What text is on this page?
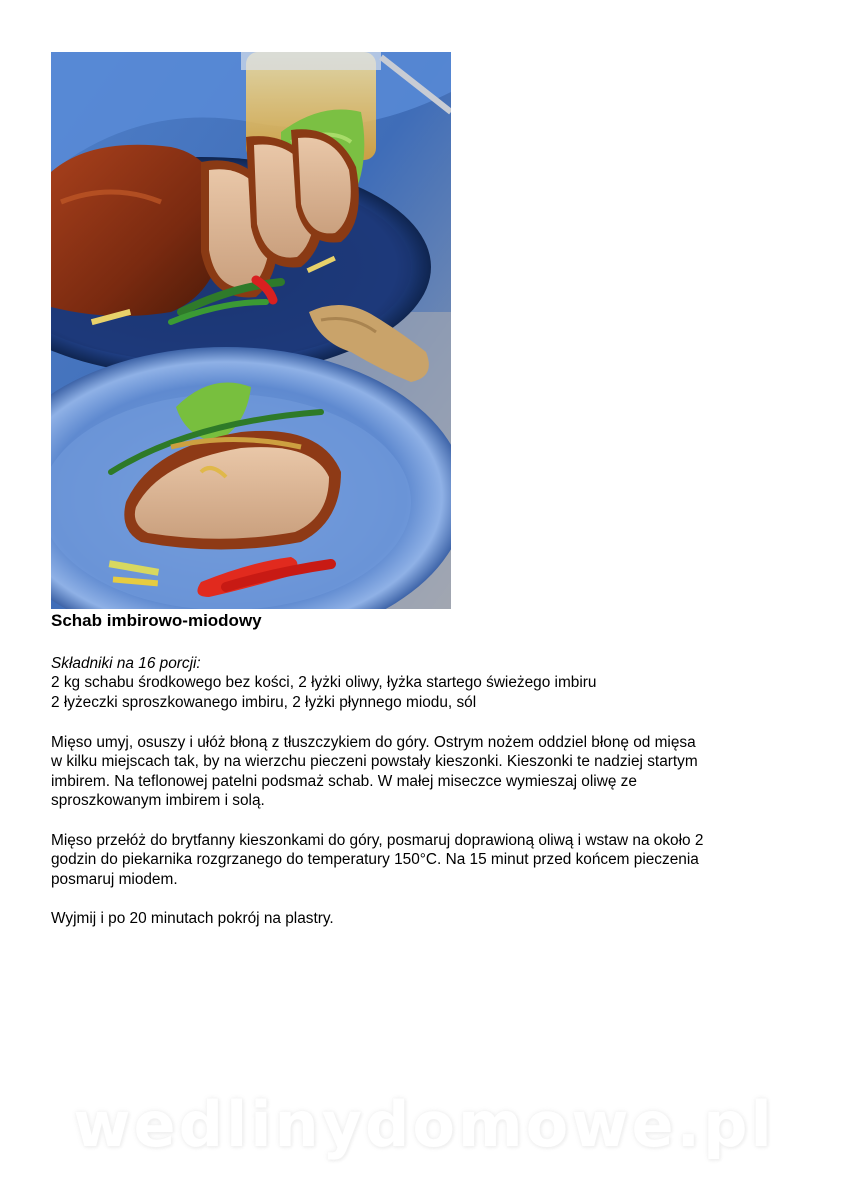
Schab imbirowo-miodowy
Składniki na 16 porcji:
2 kg schabu środkowego bez kości, 2 łyżki oliwy, łyżka startego świeżego imbiru
2 łyżeczki sproszkowanego imbiru, 2 łyżki płynnego miodu, sól
Mięso umyj, osuszy i ułóż błoną z tłuszczykiem do góry. Ostrym nożem oddziel błonę od mięsa
w kilku miejscach tak, by na wierzchu pieczeni powstały kieszonki. Kieszonki te nadziej startym
imbirem. Na teflonowej patelni podsmaż schab. W małej miseczce wymieszaj oliwę ze
sproszkowanym imbirem i solą.
Mięso przełóż do brytfanny kieszonkami do góry, posmaruj doprawioną oliwą i wstaw na około 2
godzin do piekarnika rozgrzanego do temperatury 150°C. Na 15 minut przed końcem pieczenia
posmaruj miodem.
Wyjmij i po 20 minutach pokrój na plastry.
wedlinydomowe.pl
